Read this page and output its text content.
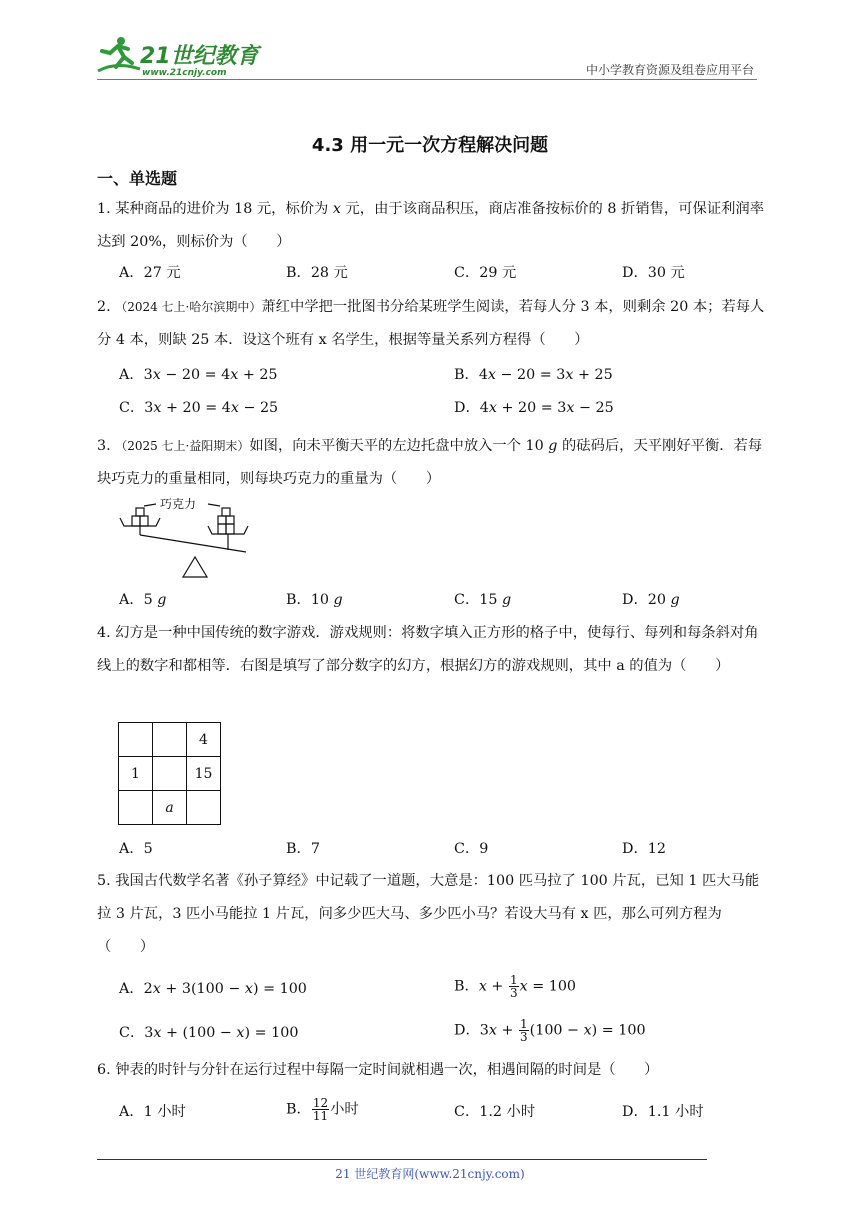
21世纪教育
www.21cnjy.com	中小学教育资源及组卷应用平台
4.3 用一元一次方程解决问题
一、单选题
1. 某种商品的进价为 18 元，标价为 x 元，由于该商品积压，商店准备按标价的 8 折销售，可保证利润率达到 20%，则标价为（　　）
A．27 元	B．28 元	C．29 元	D．30 元
2. （2024 七上·哈尔滨期中）萧红中学把一批图书分给某班学生阅读，若每人分 3 本，则剩余 20 本；若每人分 4 本，则缺 25 本．设这个班有 x 名学生，根据等量关系列方程得（　　）
A．3𝑥 − 20 = 4𝑥 + 25	B．4𝑥 − 20 = 3𝑥 + 25
C．3𝑥 + 20 = 4𝑥 − 25	D．4𝑥 + 20 = 3𝑥 − 25
3. （2025 七上·益阳期末）如图，向未平衡天平的左边托盘中放入一个 10 g 的砝码后，天平刚好平衡．若每块巧克力的重量相同，则每块巧克力的重量为（　　）
巧克力
A．5 𝑔	B．10 𝑔	C．15 𝑔	D．20 𝑔
4. 幻方是一种中国传统的数字游戏．游戏规则：将数字填入正方形的格子中，使每行、每列和每条斜对角线上的数字和都相等．右图是填写了部分数字的幻方，根据幻方的游戏规则，其中 a 的值为（　　）
		4
1		15
	a	
A．5	B．7	C．9	D．12
5. 我国古代数学名著《孙子算经》中记载了一道题，大意是：100 匹马拉了 100 片瓦，已知 1 匹大马能拉 3 片瓦，3 匹小马能拉 1 片瓦，问多少匹大马、多少匹小马？若设大马有 x 匹，那么可列方程为（　　）
A．2𝑥 + 3(100 − 𝑥) = 100	B．𝑥 + $\frac{1}{3}$ 𝑥 = 100
C．3𝑥 + (100 − 𝑥) = 100	D．3𝑥 + $\frac{1}{3} (100$ − 𝑥) = 100
6. 钟表的时针与分针在运行过程中每隔一定时间就相遇一次，相遇间隔的时间是（　　）
A．1 小时	B． $\frac{12}{11}$ 小时	C．1.2 小时	D．1.1 小时
21 世纪教育网(www.21cnjy.com)
